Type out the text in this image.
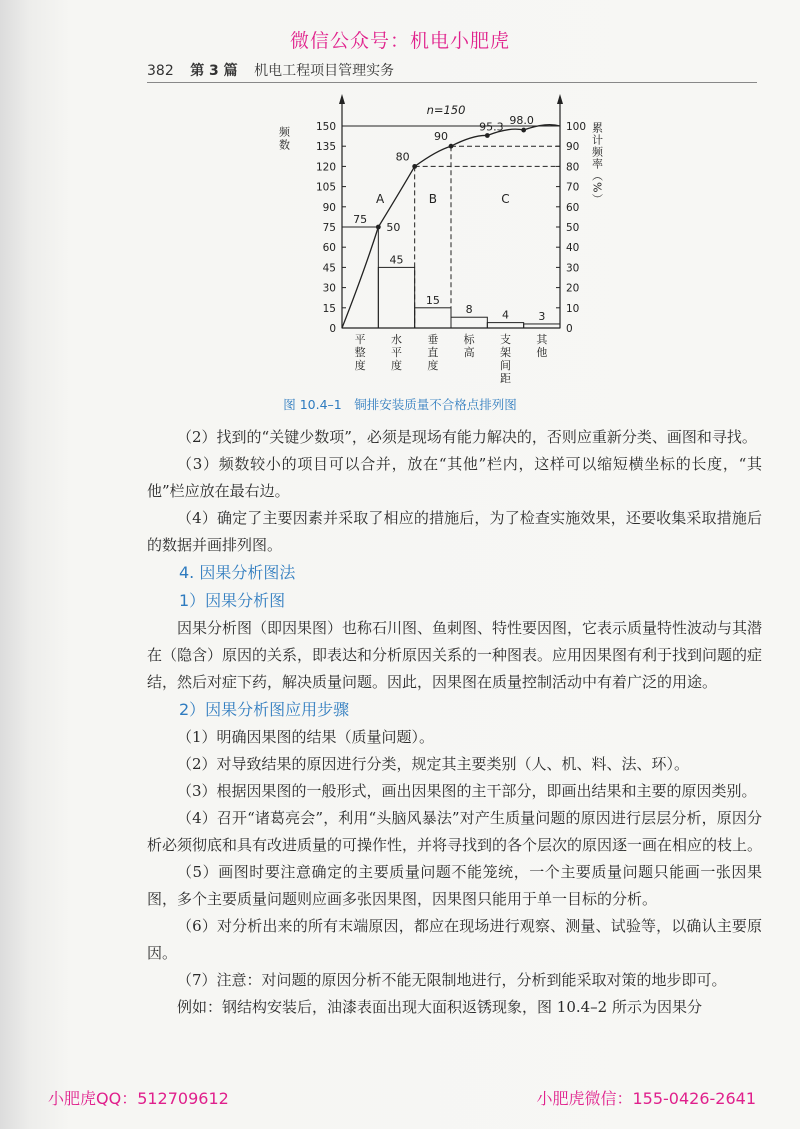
微信公众号：机电小肥虎
382 第 3 篇 机电工程项目管理实务
0
15
30
45
60
75
90
105
120
135
150
0
10
20
30
40
50
60
70
80
90
100
频数	累计频率（%）
n=150
75
平
整
度
45
水
平
度
15
垂
直
度
8
标
高
4
支
架
间
距
3
其
他
50
80
90
95.3 98.0
A	B	C
图 10.4–1　铜排安装质量不合格点排列图

（2）找到的“关键少数项”，必须是现场有能力解决的，否则应重新分类、画图和寻找。

（3）频数较小的项目可以合并，放在“其他”栏内，这样可以缩短横坐标的长度，“其他”栏应放在最右边。

（4）确定了主要因素并采取了相应的措施后，为了检查实施效果，还要收集采取措施后的数据并画排列图。

4. 因果分析图法

1）因果分析图

因果分析图（即因果图）也称石川图、鱼刺图、特性要因图，它表示质量特性波动与其潜在（隐含）原因的关系，即表达和分析原因关系的一种图表。应用因果图有利于找到问题的症结，然后对症下药，解决质量问题。因此，因果图在质量控制活动中有着广泛的用途。

2）因果分析图应用步骤

（1）明确因果图的结果（质量问题）。

（2）对导致结果的原因进行分类，规定其主要类别（人、机、料、法、环）。

（3）根据因果图的一般形式，画出因果图的主干部分，即画出结果和主要的原因类别。

（4）召开“诸葛亮会”，利用“头脑风暴法”对产生质量问题的原因进行层层分析，原因分析必须彻底和具有改进质量的可操作性，并将寻找到的各个层次的原因逐一画在相应的枝上。

（5）画图时要注意确定的主要质量问题不能笼统，一个主要质量问题只能画一张因果图，多个主要质量问题则应画多张因果图，因果图只能用于单一目标的分析。

（6）对分析出来的所有末端原因，都应在现场进行观察、测量、试验等，以确认主要原因。

（7）注意：对问题的原因分析不能无限制地进行，分析到能采取对策的地步即可。

例如：钢结构安装后，油漆表面出现大面积返锈现象，图 10.4–2 所示为因果分

小肥虎QQ：512709612	小肥虎微信：155-0426-2641
